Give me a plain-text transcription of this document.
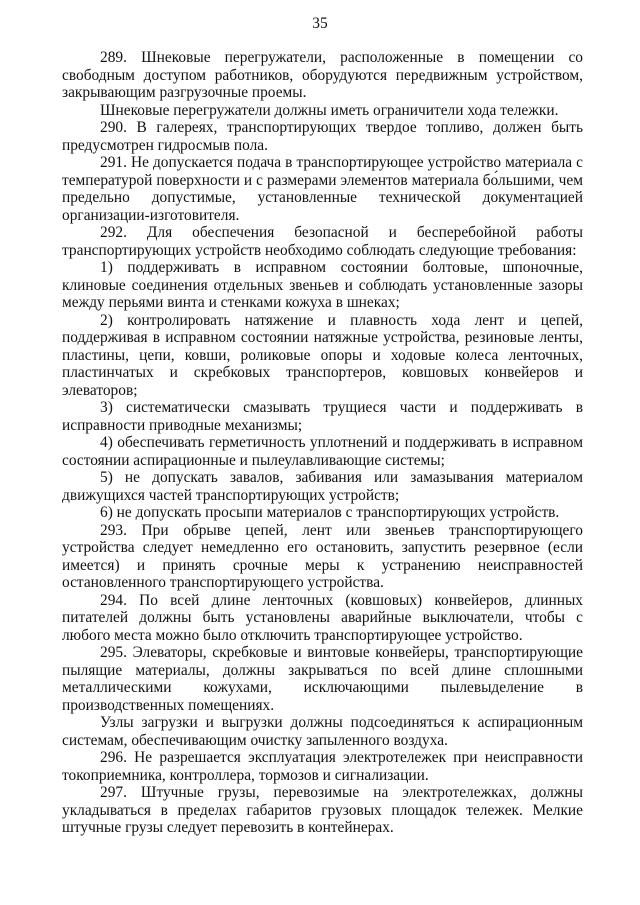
35

289. Шнековые перегружатели, расположенные в помещении со свободным доступом работников, оборудуются передвижным устройством, закрывающим разгрузочные проемы.

Шнековые перегружатели должны иметь ограничители хода тележки.

290. В галереях, транспортирующих твердое топливо, должен быть предусмотрен гидросмыв пола.

291. Не допускается подача в транспортирующее устройство материала с температурой поверхности и с размерами элементов материала бо́льшими, чем предельно допустимые, установленные технической документацией организации-изготовителя.

292. Для обеспечения безопасной и бесперебойной работы транспортирующих устройств необходимо соблюдать следующие требования:

1) поддерживать в исправном состоянии болтовые, шпоночные, клиновые соединения отдельных звеньев и соблюдать установленные зазоры между перьями винта и стенками кожуха в шнеках;

2) контролировать натяжение и плавность хода лент и цепей, поддерживая в исправном состоянии натяжные устройства, резиновые ленты, пластины, цепи, ковши, роликовые опоры и ходовые колеса ленточных, пластинчатых и скребковых транспортеров, ковшовых конвейеров и элеваторов;

3) систематически смазывать трущиеся части и поддерживать в исправности приводные механизмы;

4) обеспечивать герметичность уплотнений и поддерживать в исправном состоянии аспирационные и пылеулавливающие системы;

5) не допускать завалов, забивания или замазывания материалом движущихся частей транспортирующих устройств;

6) не допускать просыпи материалов с транспортирующих устройств.

293. При обрыве цепей, лент или звеньев транспортирующего устройства следует немедленно его остановить, запустить резервное (если имеется) и принять срочные меры к устранению неисправностей остановленного транспортирующего устройства.

294. По всей длине ленточных (ковшовых) конвейеров, длинных питателей должны быть установлены аварийные выключатели, чтобы с любого места можно было отключить транспортирующее устройство.

295. Элеваторы, скребковые и винтовые конвейеры, транспортирующие пылящие материалы, должны закрываться по всей длине сплошными металлическими кожухами, исключающими пылевыделение в производственных помещениях.

Узлы загрузки и выгрузки должны подсоединяться к аспирационным системам, обеспечивающим очистку запыленного воздуха.

296. Не разрешается эксплуатация электротележек при неисправности токоприемника, контроллера, тормозов и сигнализации.

297. Штучные грузы, перевозимые на электротележках, должны укладываться в пределах габаритов грузовых площадок тележек. Мелкие штучные грузы следует перевозить в контейнерах.
